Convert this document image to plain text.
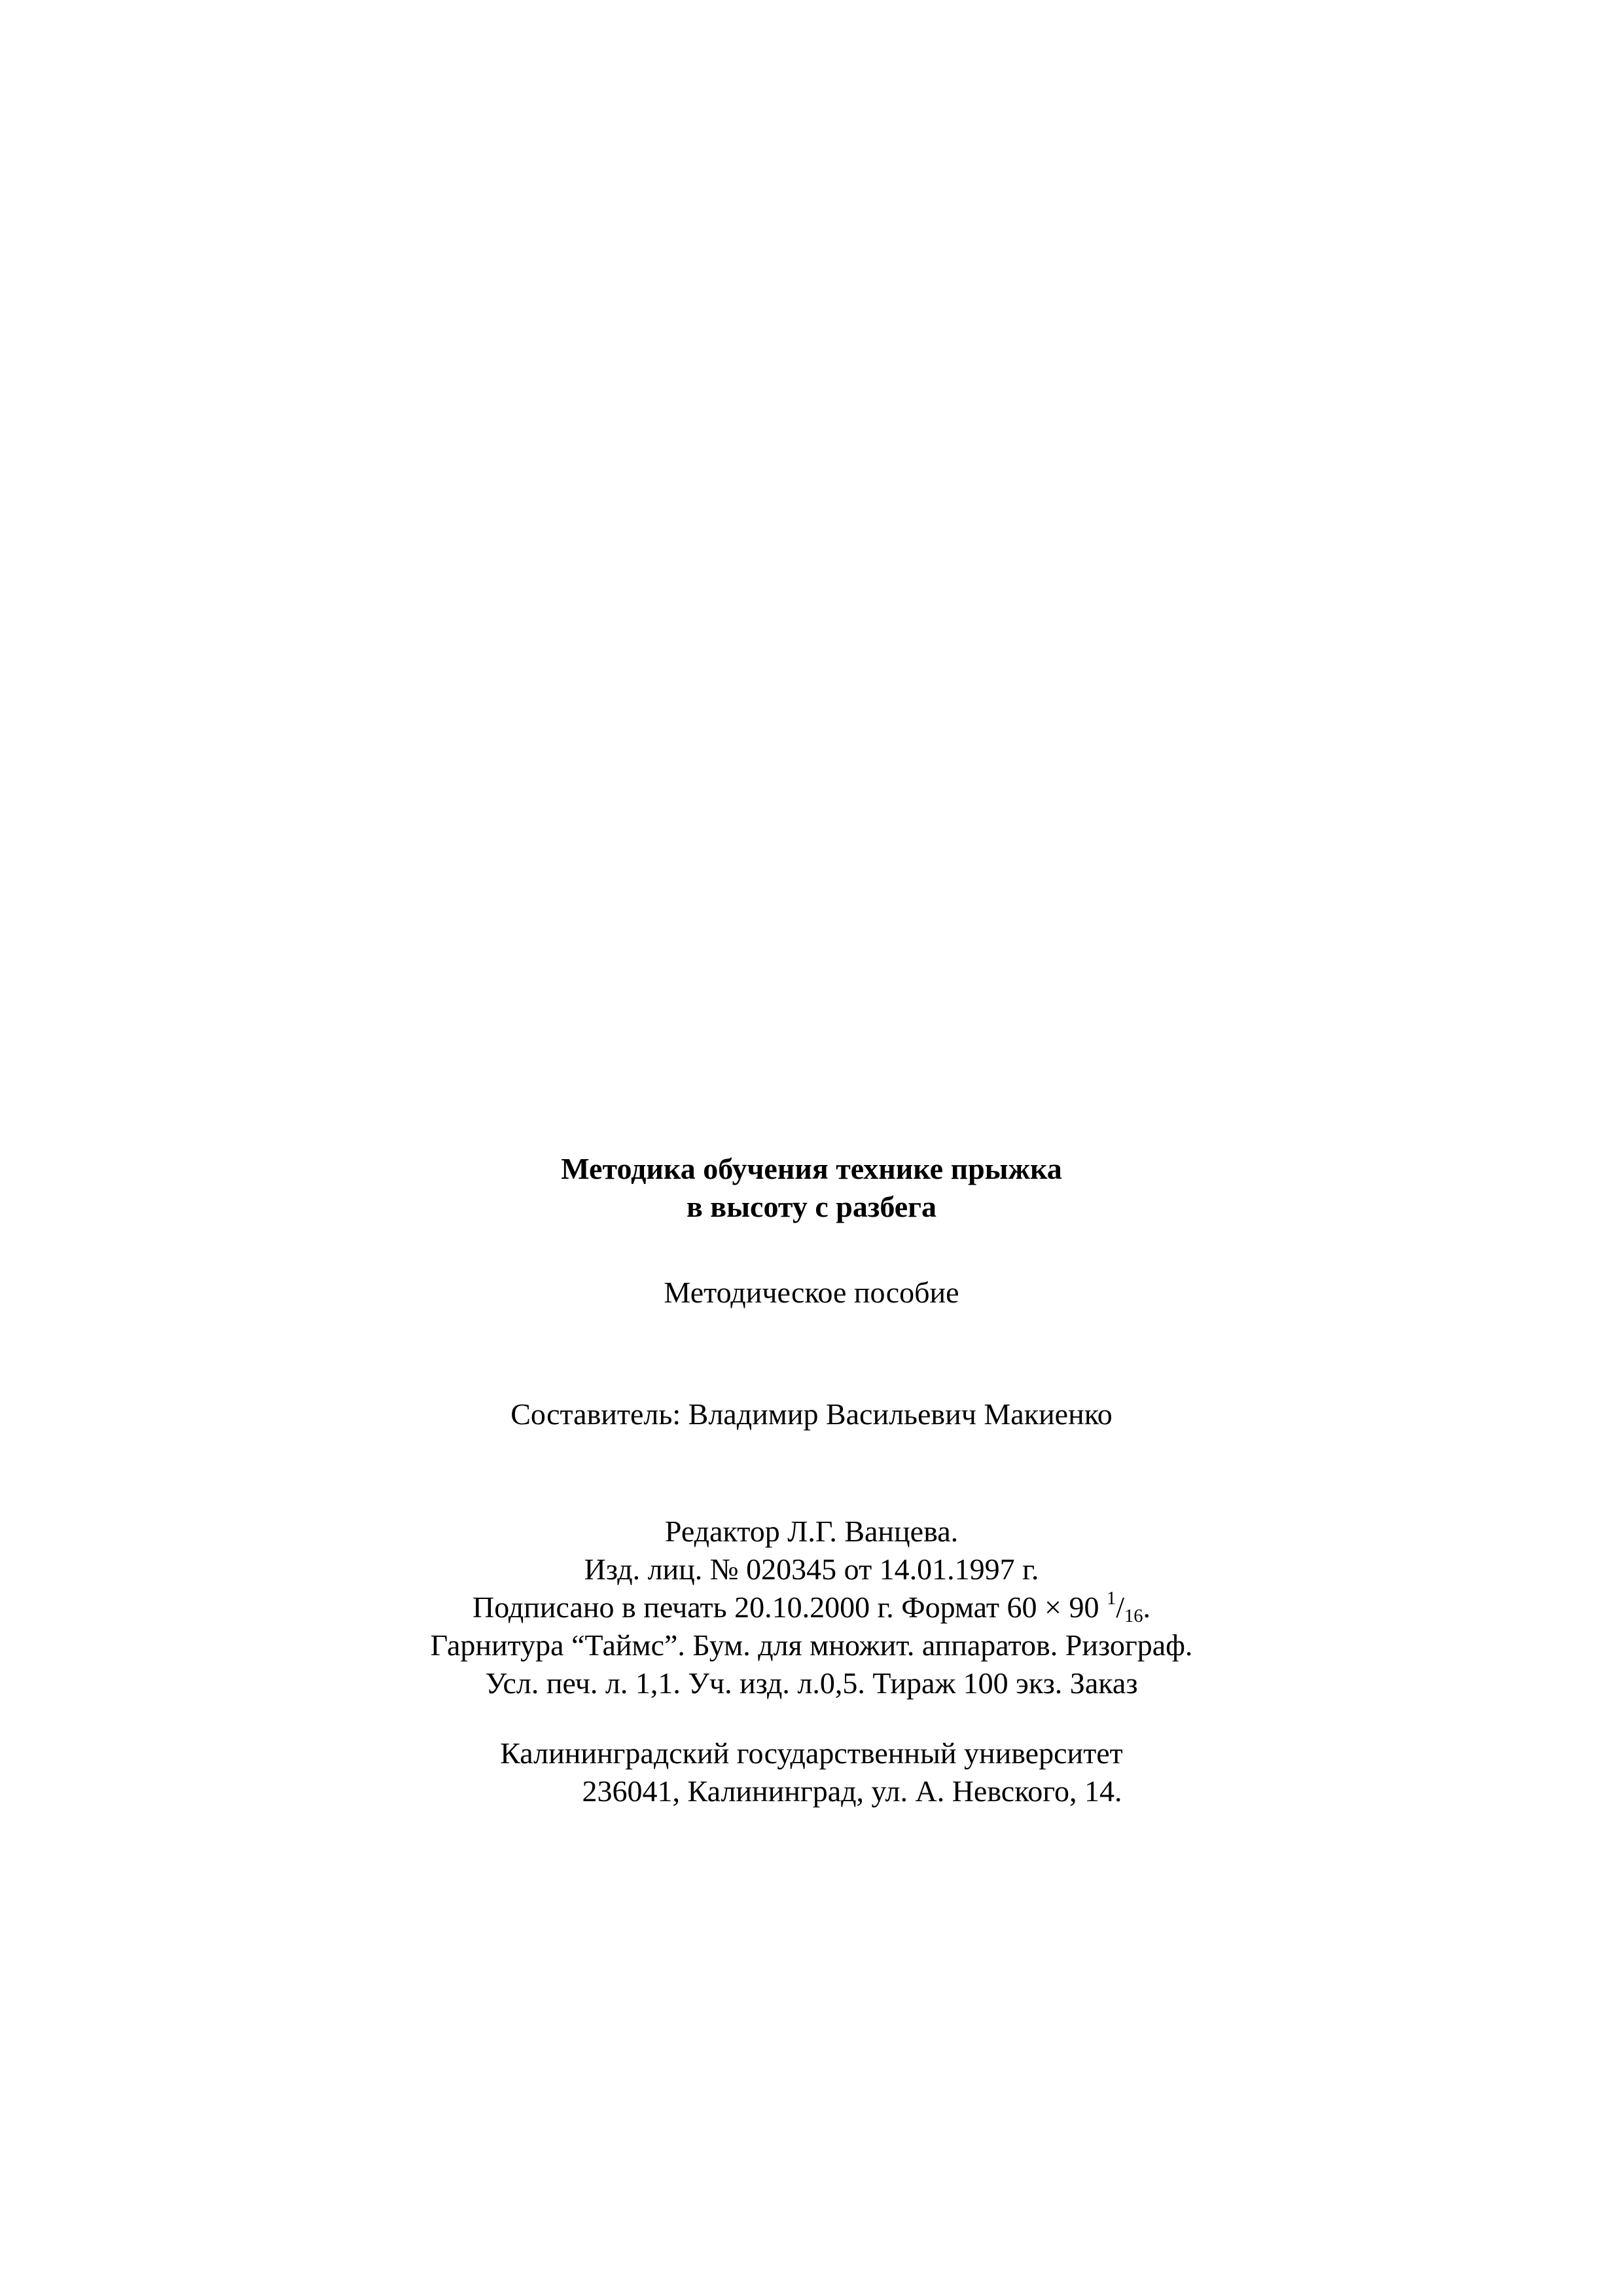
Методика обучения технике прыжка
в высоту с разбега
Методическое пособие
Составитель: Владимир Васильевич Макиенко
Редактор Л.Г. Ванцева.
Изд. лиц. № 020345 от 14.01.1997 г.
Подписано в печать 20.10.2000 г. Формат 60 × 90 $^1/_{16}$.
Гарнитура “Таймс”. Бум. для множит. аппаратов. Ризограф.
Усл. печ. л. 1,1. Уч. изд. л.0,5. Тираж 100 экз. Заказ
Калининградский государственный университет
236041, Калининград, ул. А. Невского, 14.
